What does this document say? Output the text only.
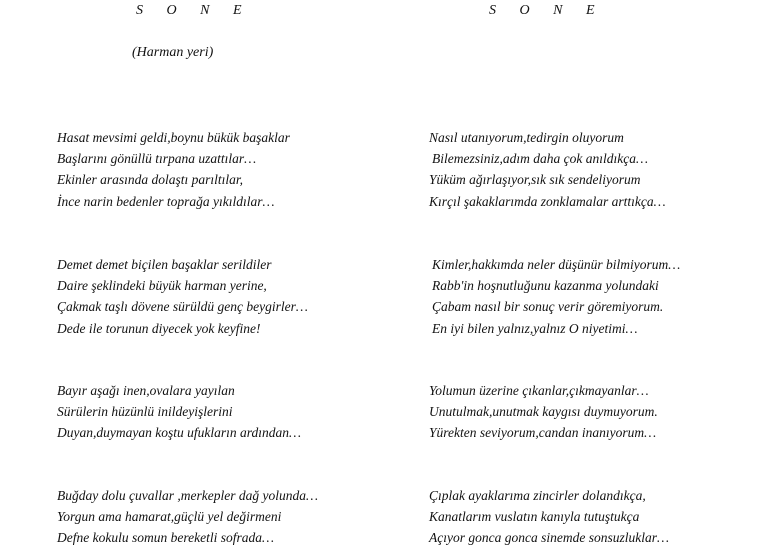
S O N E
(Harman yeri)
Hasat mevsimi geldi,boynu bükük başaklar
Başlarını gönüllü tırpana uzattılar…
Ekinler arasında dolaştı parıltılar,
İnce narin bedenler toprağa yıkıldılar…
Demet demet biçilen başaklar serildiler
Daire şeklindeki büyük harman yerine,
Çakmak taşlı dövene sürüldü genç beygirler…
Dede ile torunun diyecek yok keyfine!
Bayır aşağı inen,ovalara yayılan
Sürülerin hüzünlü inildeyişlerini
Duyan,duymayan koştu ufukların ardından…
Buğday dolu çuvallar ,merkepler dağ yolunda…
Yorgun ama hamarat,güçlü yel değirmeni
Defne kokulu somun bereketli sofrada…
S O N E
Nasıl utanıyorum,tedirgin oluyorum
Bilemezsiniz,adım daha çok anıldıkça…
Yüküm ağırlaşıyor,sık sık sendeliyorum
Kırçıl şakaklarımda zonklamalar arttıkça…
Kimler,hakkımda neler düşünür bilmiyorum…
Rabb'in hoşnutluğunu kazanma yolundaki
Çabam nasıl bir sonuç verir göremiyorum.
En iyi bilen yalnız,yalnız O niyetimi…
Yolumun üzerine çıkanlar,çıkmayanlar…
Unutulmak,unutmak kaygısı duymuyorum.
Yürekten seviyorum,candan inanıyorum…
Çıplak ayaklarıma zincirler dolandıkça,
Kanatlarım vuslatın kanıyla tutuştukça
Açıyor gonca gonca sinemde sonsuzluklar…
